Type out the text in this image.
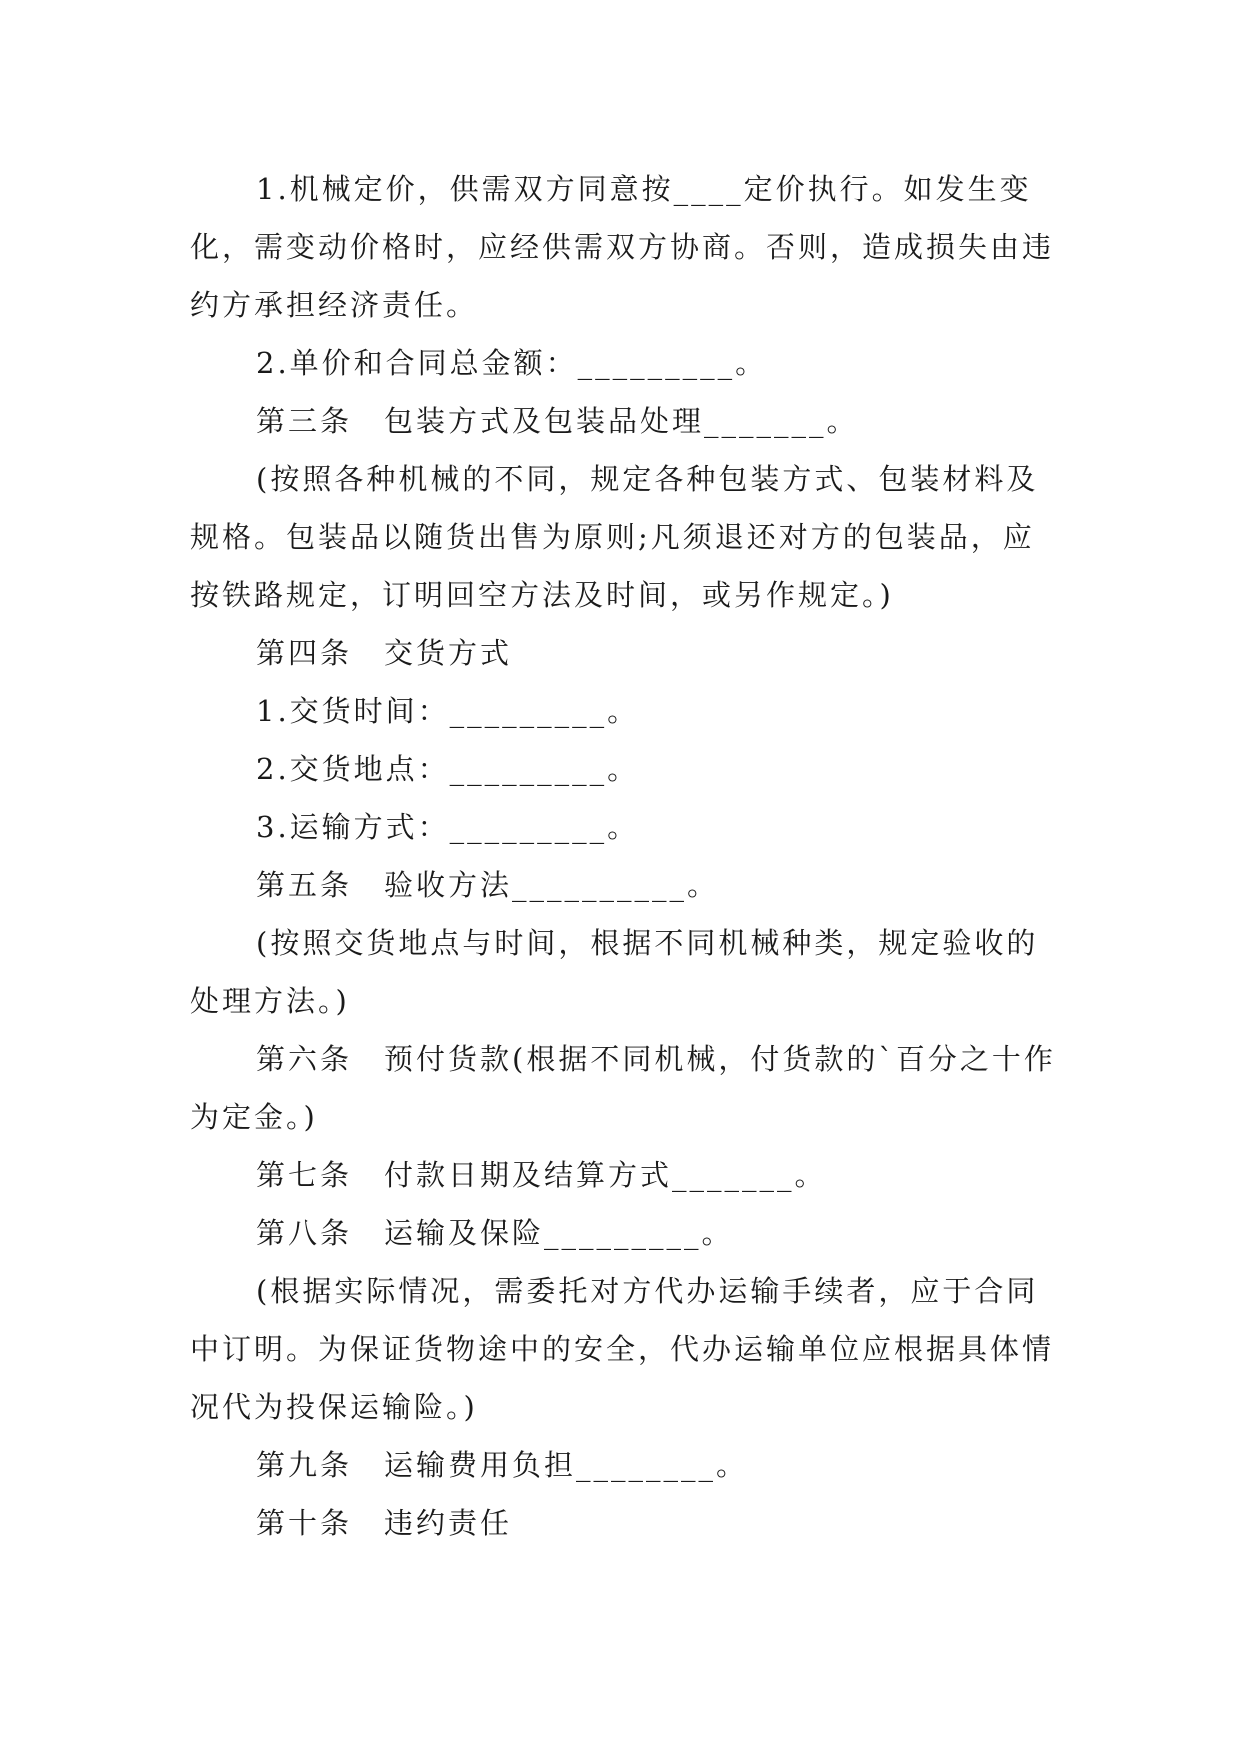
1.机械定价，供需双方同意按____定价执行。如发生变化，需变动价格时，应经供需双方协商。否则，造成损失由违约方承担经济责任。

2.单价和合同总金额：_________。

第三条　包装方式及包装品处理_______。

(按照各种机械的不同，规定各种包装方式、包装材料及规格。包装品以随货出售为原则;凡须退还对方的包装品，应按铁路规定，订明回空方法及时间，或另作规定。)

第四条　交货方式

1.交货时间：_________。

2.交货地点：_________。

3.运输方式：_________。

第五条　验收方法__________。

(按照交货地点与时间，根据不同机械种类，规定验收的处理方法。)

第六条　预付货款(根据不同机械，付货款的`百分之十作为定金。)

第七条　付款日期及结算方式_______。

第八条　运输及保险_________。

(根据实际情况，需委托对方代办运输手续者，应于合同中订明。为保证货物途中的安全，代办运输单位应根据具体情况代为投保运输险。)

第九条　运输费用负担________。

第十条　违约责任
